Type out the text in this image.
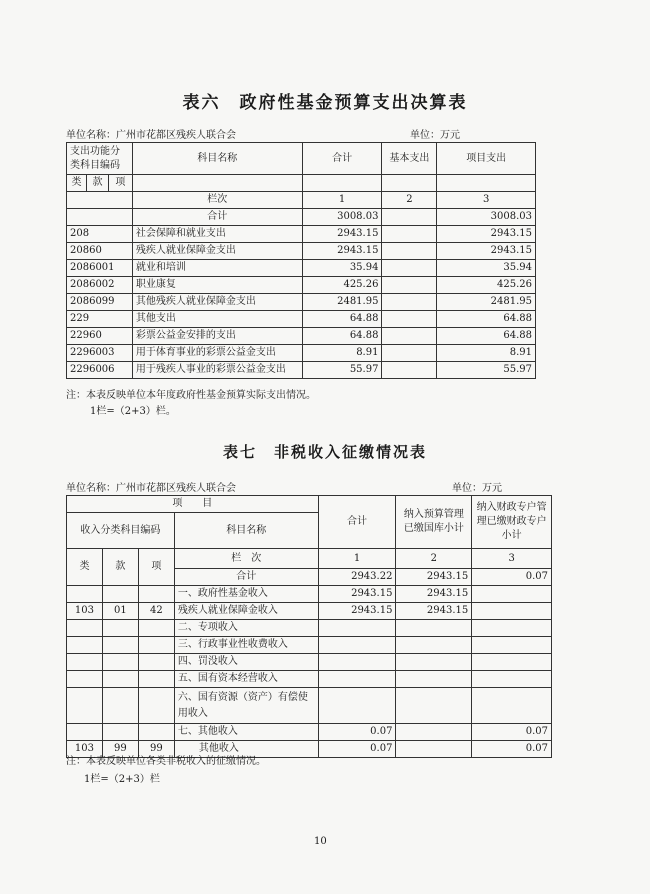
表六　政府性基金预算支出决算表
单位名称：广州市花都区残疾人联合会	单位：万元
支出功能分类科目编码			科目名称	合计	基本支出	项目支出
类	款	项				

			栏次	1	2	3
			合计	3008.03		3008.03
208			社会保障和就业支出	2943.15		2943.15
20860			残疾人就业保障金支出	2943.15		2943.15
2086001			就业和培训	35.94		35.94
2086002			职业康复	425.26		425.26
2086099			其他残疾人就业保障金支出	2481.95		2481.95
229			其他支出	64.88		64.88
22960			彩票公益金安排的支出	64.88		64.88
2296003			用于体育事业的彩票公益金支出	8.91		8.91
2296006			用于残疾人事业的彩票公益金支出	55.97		55.97
注：本表反映单位本年度政府性基金预算实际支出情况。
1栏=（2+3）栏。
表七　非税收入征缴情况表
单位名称：广州市花都区残疾人联合会	单位：万元
项　　目				合计	纳入预算管理已缴国库小计	纳入财政专户管理已缴财政专户小计
收入分类科目编码			科目名称			

类	款	项	栏　次	1	2	3
			合计	2943.22	2943.15	0.07
			一、政府性基金收入	2943.15	2943.15	
103	01	42	残疾人就业保障金收入	2943.15	2943.15	
			二、专项收入			
			三、行政事业性收费收入			
			四、罚没收入			
			五、国有资本经营收入			
			六、国有资源（资产）有偿使用收入			
			七、其他收入	0.07		0.07
103	99	99	其他收入	0.07		0.07
注：本表反映单位各类非税收入的征缴情况。
1栏=（2+3）栏
10
